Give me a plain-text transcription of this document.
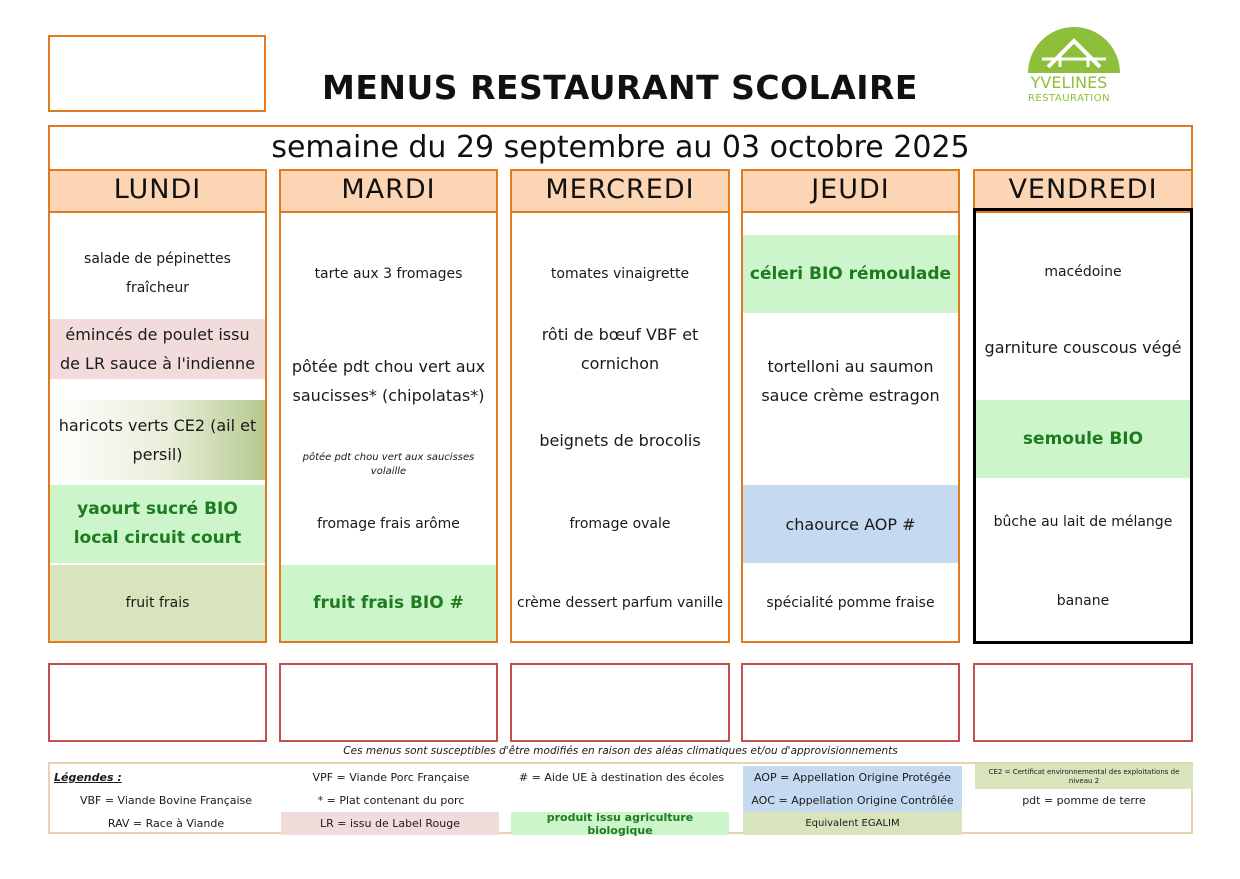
MENUS RESTAURANT SCOLAIRE	YVELINES
RESTAURATION
semaine du 29 septembre au 03 octobre 2025
LUNDI
salade de pépinettes fraîcheur
émincés de poulet issu de LR sauce à l'indienne
haricots verts CE2 (ail et persil)
yaourt sucré BIO local circuit court
fruit frais
MARDI
tarte aux 3 fromages
pôtée pdt chou vert aux saucisses* (chipolatas*)
pôtée pdt chou vert aux saucisses volaille
fromage frais arôme
fruit frais BIO #
MERCREDI
tomates vinaigrette
rôti de bœuf VBF et cornichon
beignets de brocolis
fromage ovale
crème dessert parfum vanille
JEUDI
céleri BIO rémoulade
tortelloni au saumon sauce crème estragon
chaource AOP #
spécialité pomme fraise
VENDREDI
macédoine
garniture couscous végé
semoule BIO
bûche au lait de mélange
banane
Ces menus sont susceptibles d'être modifiés en raison des aléas climatiques et/ou d'approvisionnements
Légendes :	VPF = Viande Porc Française	# = Aide UE à destination des écoles	AOP = Appellation Origine Protégée	CE2 = Certificat environnemental des exploitations de niveau 2
VBF = Viande Bovine Française	* = Plat contenant du porc	AOC = Appellation Origine Contrôlée	pdt = pomme de terre
RAV = Race à Viande	LR = issu de Label Rouge	produit issu agriculture biologique	Equivalent EGALIM
